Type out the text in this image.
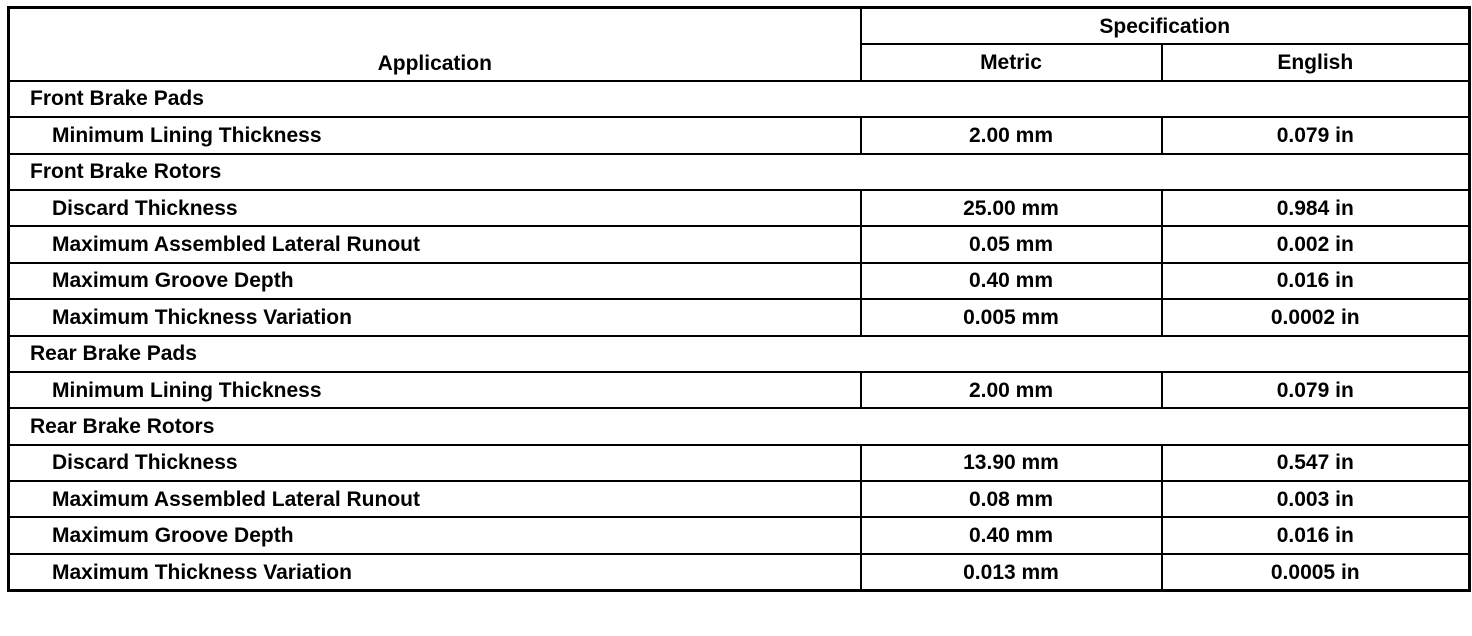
Application	Specification	
	Metric	English
Front Brake Pads		
Minimum Lining Thickness	2.00 mm	0.079 in
Front Brake Rotors		
Discard Thickness	25.00 mm	0.984 in
Maximum Assembled Lateral Runout	0.05 mm	0.002 in
Maximum Groove Depth	0.40 mm	0.016 in
Maximum Thickness Variation	0.005 mm	0.0002 in
Rear Brake Pads		
Minimum Lining Thickness	2.00 mm	0.079 in
Rear Brake Rotors		
Discard Thickness	13.90 mm	0.547 in
Maximum Assembled Lateral Runout	0.08 mm	0.003 in
Maximum Groove Depth	0.40 mm	0.016 in
Maximum Thickness Variation	0.013 mm	0.0005 in
